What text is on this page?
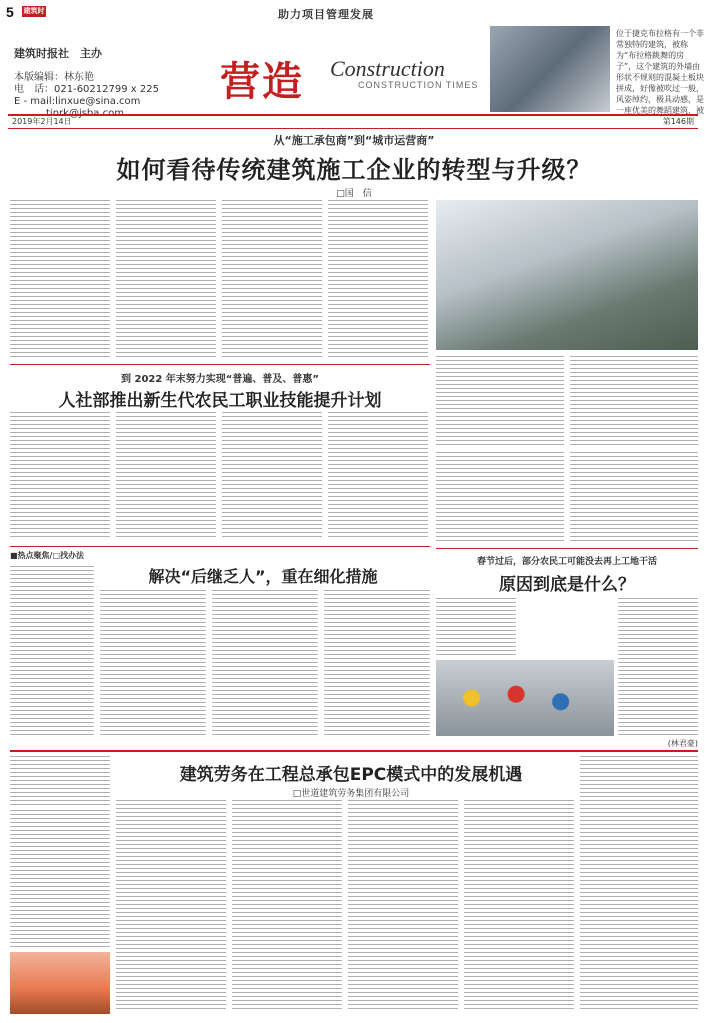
5 建筑时报
助力项目管理发展
建筑时报社　主办
本版编辑：林东艳
电　话：021-60212799 x 225
E - mail:linxue@sina.com
tinrk@jsba.com
营造 Construction
CONSTRUCTION TIMES
位于捷克布拉格有一个非常独特的建筑，被称为“布拉格跳舞的房子”，这个建筑的外墙由形状不规则的混凝土板块拼成，好像被吹过一般，风姿绰约，极具动感，是一座优美的舞蹈建筑，被
2019年2月14日	第146期
从“施工承包商”到“城市运营商”
如何看待传统建筑施工企业的转型与升级？
□国　信
到 2022 年末努力实现“普遍、普及、普惠”
人社部推出新生代农民工职业技能提升计划
■热点聚焦/□找办法
解决“后继乏人”，重在细化措施
春节过后，部分农民工可能没去再上工地干活
原因到底是什么？
(林君豪)
建筑劳务在工程总承包EPC模式中的发展机遇
□世道建筑劳务集团有限公司
